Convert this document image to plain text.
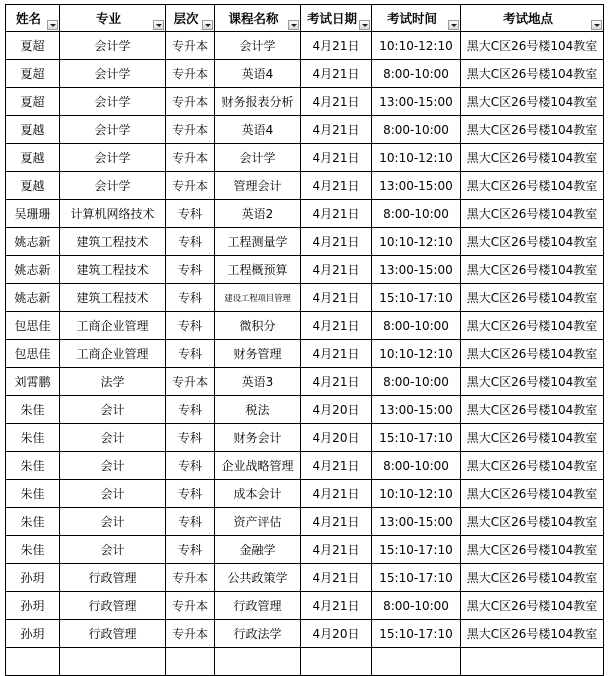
姓名	专业	层次	课程名称	考试日期	考试时间	考试地点

夏超	会计学	专升本	会计学	4月21日	10:10-12:10	黑大C区26号楼104教室
夏超	会计学	专升本	英语4	4月21日	8:00-10:00	黑大C区26号楼104教室
夏超	会计学	专升本	财务报表分析	4月21日	13:00-15:00	黑大C区26号楼104教室
夏越	会计学	专升本	英语4	4月21日	8:00-10:00	黑大C区26号楼104教室
夏越	会计学	专升本	会计学	4月21日	10:10-12:10	黑大C区26号楼104教室
夏越	会计学	专升本	管理会计	4月21日	13:00-15:00	黑大C区26号楼104教室
吴珊珊	计算机网络技术	专科	英语2	4月21日	8:00-10:00	黑大C区26号楼104教室
姚志新	建筑工程技术	专科	工程测量学	4月21日	10:10-12:10	黑大C区26号楼104教室
姚志新	建筑工程技术	专科	工程概预算	4月21日	13:00-15:00	黑大C区26号楼104教室
姚志新	建筑工程技术	专科	建设工程项目管理	4月21日	15:10-17:10	黑大C区26号楼104教室
包思佳	工商企业管理	专科	微积分	4月21日	8:00-10:00	黑大C区26号楼104教室
包思佳	工商企业管理	专科	财务管理	4月21日	10:10-12:10	黑大C区26号楼104教室
刘霄鹏	法学	专升本	英语3	4月21日	8:00-10:00	黑大C区26号楼104教室
朱佳	会计	专科	税法	4月20日	13:00-15:00	黑大C区26号楼104教室
朱佳	会计	专科	财务会计	4月20日	15:10-17:10	黑大C区26号楼104教室
朱佳	会计	专科	企业战略管理	4月21日	8:00-10:00	黑大C区26号楼104教室
朱佳	会计	专科	成本会计	4月21日	10:10-12:10	黑大C区26号楼104教室
朱佳	会计	专科	资产评估	4月21日	13:00-15:00	黑大C区26号楼104教室
朱佳	会计	专科	金融学	4月21日	15:10-17:10	黑大C区26号楼104教室
孙玥	行政管理	专升本	公共政策学	4月21日	15:10-17:10	黑大C区26号楼104教室
孙玥	行政管理	专升本	行政管理	4月21日	8:00-10:00	黑大C区26号楼104教室
孙玥	行政管理	专升本	行政法学	4月20日	15:10-17:10	黑大C区26号楼104教室
